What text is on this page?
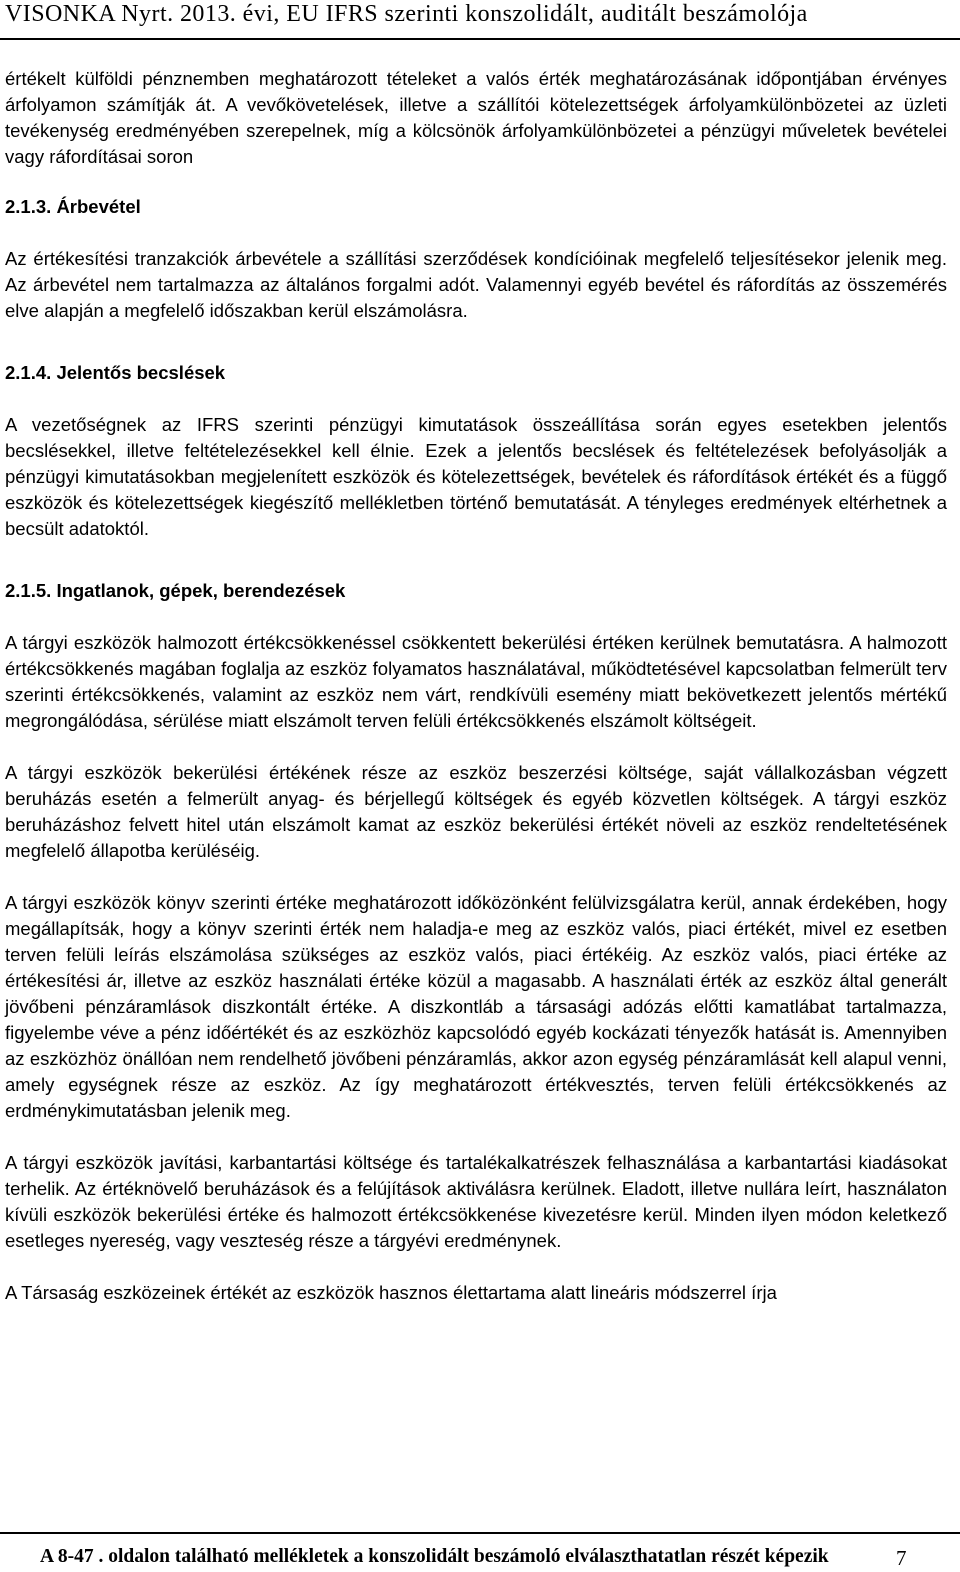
VISONKA Nyrt. 2013. évi, EU IFRS szerinti konszolidált, auditált beszámolója

értékelt külföldi pénznemben meghatározott tételeket a valós érték meghatározásának időpontjában érvényes árfolyamon számítják át. A vevőkövetelések, illetve a szállítói kötelezettségek árfolyamkülönbözetei az üzleti tevékenység eredményében szerepelnek, míg a kölcsönök árfolyamkülönbözetei a pénzügyi műveletek bevételei vagy ráfordításai soron

2.1.3. Árbevétel

Az értékesítési tranzakciók árbevétele a szállítási szerződések kondícióinak megfelelő teljesítésekor jelenik meg. Az árbevétel nem tartalmazza az általános forgalmi adót. Valamennyi egyéb bevétel és ráfordítás az összemérés elve alapján a megfelelő időszakban kerül elszámolásra.

2.1.4. Jelentős becslések

A vezetőségnek az IFRS szerinti pénzügyi kimutatások összeállítása során egyes esetekben jelentős becslésekkel, illetve feltételezésekkel kell élnie. Ezek a jelentős becslések és feltételezések befolyásolják a pénzügyi kimutatásokban megjelenített eszközök és kötelezettségek, bevételek és ráfordítások értékét és a függő eszközök és kötelezettségek kiegészítő mellékletben történő bemutatását. A tényleges eredmények eltérhetnek a becsült adatoktól.

2.1.5. Ingatlanok, gépek, berendezések

A tárgyi eszközök halmozott értékcsökkenéssel csökkentett bekerülési értéken kerülnek bemutatásra. A halmozott értékcsökkenés magában foglalja az eszköz folyamatos használatával, működtetésével kapcsolatban felmerült terv szerinti értékcsökkenés, valamint az eszköz nem várt, rendkívüli esemény miatt bekövetkezett jelentős mértékű megrongálódása, sérülése miatt elszámolt terven felüli értékcsökkenés elszámolt költségeit.

A tárgyi eszközök bekerülési értékének része az eszköz beszerzési költsége, saját vállalkozásban végzett beruházás esetén a felmerült anyag- és bérjellegű költségek és egyéb közvetlen költségek. A tárgyi eszköz beruházáshoz felvett hitel után elszámolt kamat az eszköz bekerülési értékét növeli az eszköz rendeltetésének megfelelő állapotba kerüléséig.

A tárgyi eszközök könyv szerinti értéke meghatározott időközönként felülvizsgálatra kerül, annak érdekében, hogy megállapítsák, hogy a könyv szerinti érték nem haladja-e meg az eszköz valós, piaci értékét, mivel ez esetben terven felüli leírás elszámolása szükséges az eszköz valós, piaci értékéig. Az eszköz valós, piaci értéke az értékesítési ár, illetve az eszköz használati értéke közül a magasabb. A használati érték az eszköz által generált jövőbeni pénzáramlások diszkontált értéke. A diszkontláb a társasági adózás előtti kamatlábat tartalmazza, figyelembe véve a pénz időértékét és az eszközhöz kapcsolódó egyéb kockázati tényezők hatását is. Amennyiben az eszközhöz önállóan nem rendelhető jövőbeni pénzáramlás, akkor azon egység pénzáramlását kell alapul venni, amely egységnek része az eszköz. Az így meghatározott értékvesztés, terven felüli értékcsökkenés az erdménykimutatásban jelenik meg.

A tárgyi eszközök javítási, karbantartási költsége és tartalékalkatrészek felhasználása a karbantartási kiadásokat terhelik. Az értéknövelő beruházások és a felújítások aktiválásra kerülnek. Eladott, illetve nullára leírt, használaton kívüli eszközök bekerülési értéke és halmozott értékcsökkenése kivezetésre kerül. Minden ilyen módon keletkező esetleges nyereség, vagy veszteség része a tárgyévi eredménynek.

A Társaság eszközeinek értékét az eszközök hasznos élettartama alatt lineáris módszerrel írja

A 8-47 . oldalon található mellékletek a konszolidált beszámoló elválaszthatatlan részét képezik	7
